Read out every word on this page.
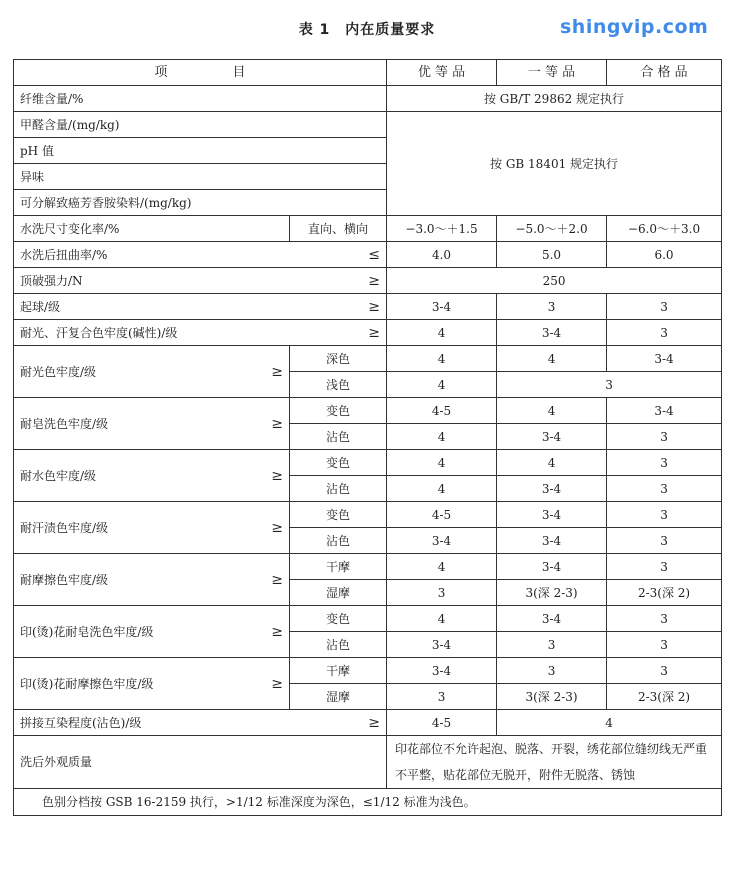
表 1　内在质量要求
项　　　　　目		优 等 品	一 等 品	合 格 品
纤维含量/%		按 GB/T 29862 规定执行		
甲醛含量/(mg/kg)		按 GB 18401 规定执行		
pH 值				
异味				
可分解致癌芳香胺染料/(mg/kg)				
水洗尺寸变化率/%	直向、横向	−3.0～＋1.5	−5.0～＋2.0	−6.0～＋3.0
水洗后扭曲率/% ≤		4.0	5.0	6.0
顶破强力/N ≥		250		
起球/级 ≥		3-4	3	3
耐光、汗复合色牢度(碱性)/级 ≥		4	3-4	3
耐光色牢度/级 ≥	深色	4	4	3-4
	浅色	4	3	
耐皂洗色牢度/级 ≥	变色	4-5	4	3-4
	沾色	4	3-4	3
耐水色牢度/级 ≥	变色	4	4	3
	沾色	4	3-4	3
耐汗渍色牢度/级 ≥	变色	4-5	3-4	3
	沾色	3-4	3-4	3
耐摩擦色牢度/级 ≥	干摩	4	3-4	3
	湿摩	3	3(深 2-3)	2-3(深 2)
印(烫)花耐皂洗色牢度/级 ≥	变色	4	3-4	3
	沾色	3-4	3	3
印(烫)花耐摩擦色牢度/级 ≥	干摩	3-4	3	3
	湿摩	3	3(深 2-3)	2-3(深 2)
拼接互染程度(沾色)/级 ≥		4-5	4	
洗后外观质量		印花部位不允许起泡、脱落、开裂，绣花部位缝纫线无严重不平整，贴花部位无脱开，附件无脱落、锈蚀		
色别分档按 GSB 16-2159 执行，>1/12 标准深度为深色，≤1/12 标准为浅色。				
shingvip.com
